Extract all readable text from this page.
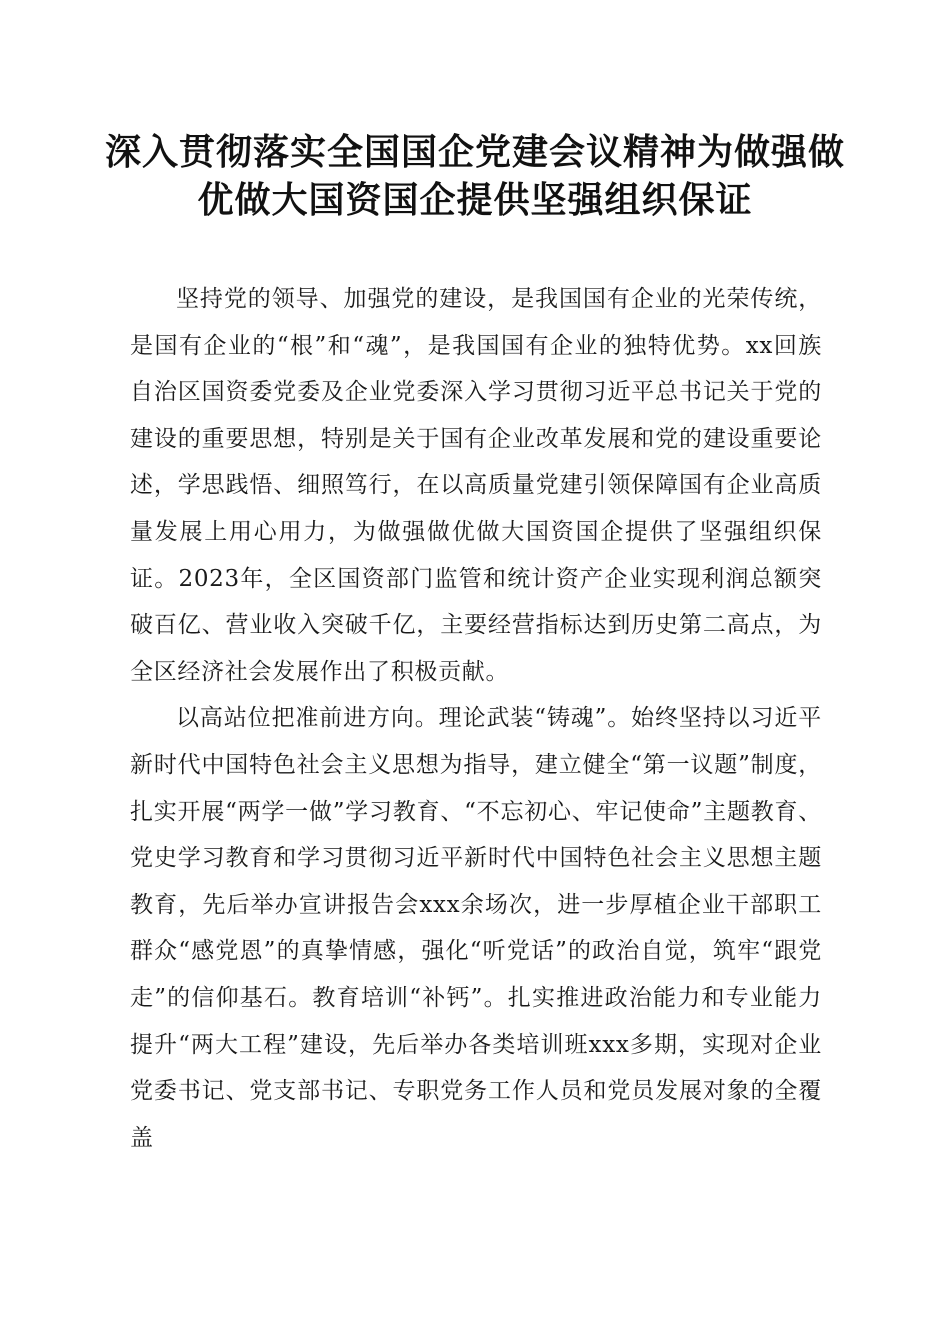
深入贯彻落实全国国企党建会议精神为做强做优做大国资国企提供坚强组织保证

坚持党的领导、加强党的建设，是我国国有企业的光荣传统，是国有企业的“根”和“魂”，是我国国有企业的独特优势。xx回族自治区国资委党委及企业党委深入学习贯彻习近平总书记关于党的建设的重要思想，特别是关于国有企业改革发展和党的建设重要论述，学思践悟、细照笃行，在以高质量党建引领保障国有企业高质量发展上用心用力，为做强做优做大国资国企提供了坚强组织保证。2023年，全区国资部门监管和统计资产企业实现利润总额突破百亿、营业收入突破千亿，主要经营指标达到历史第二高点，为全区经济社会发展作出了积极贡献。

以高站位把准前进方向。理论武装“铸魂”。始终坚持以习近平新时代中国特色社会主义思想为指导，建立健全“第一议题”制度，扎实开展“两学一做”学习教育、“不忘初心、牢记使命”主题教育、党史学习教育和学习贯彻习近平新时代中国特色社会主义思想主题教育，先后举办宣讲报告会xxx余场次，进一步厚植企业干部职工群众“感党恩”的真挚情感，强化“听党话”的政治自觉，筑牢“跟党走”的信仰基石。教育培训“补钙”。扎实推进政治能力和专业能力提升“两大工程”建设，先后举办各类培训班xxx多期，实现对企业党委书记、党支部书记、专职党务工作人员和党员发展对象的全覆盖
